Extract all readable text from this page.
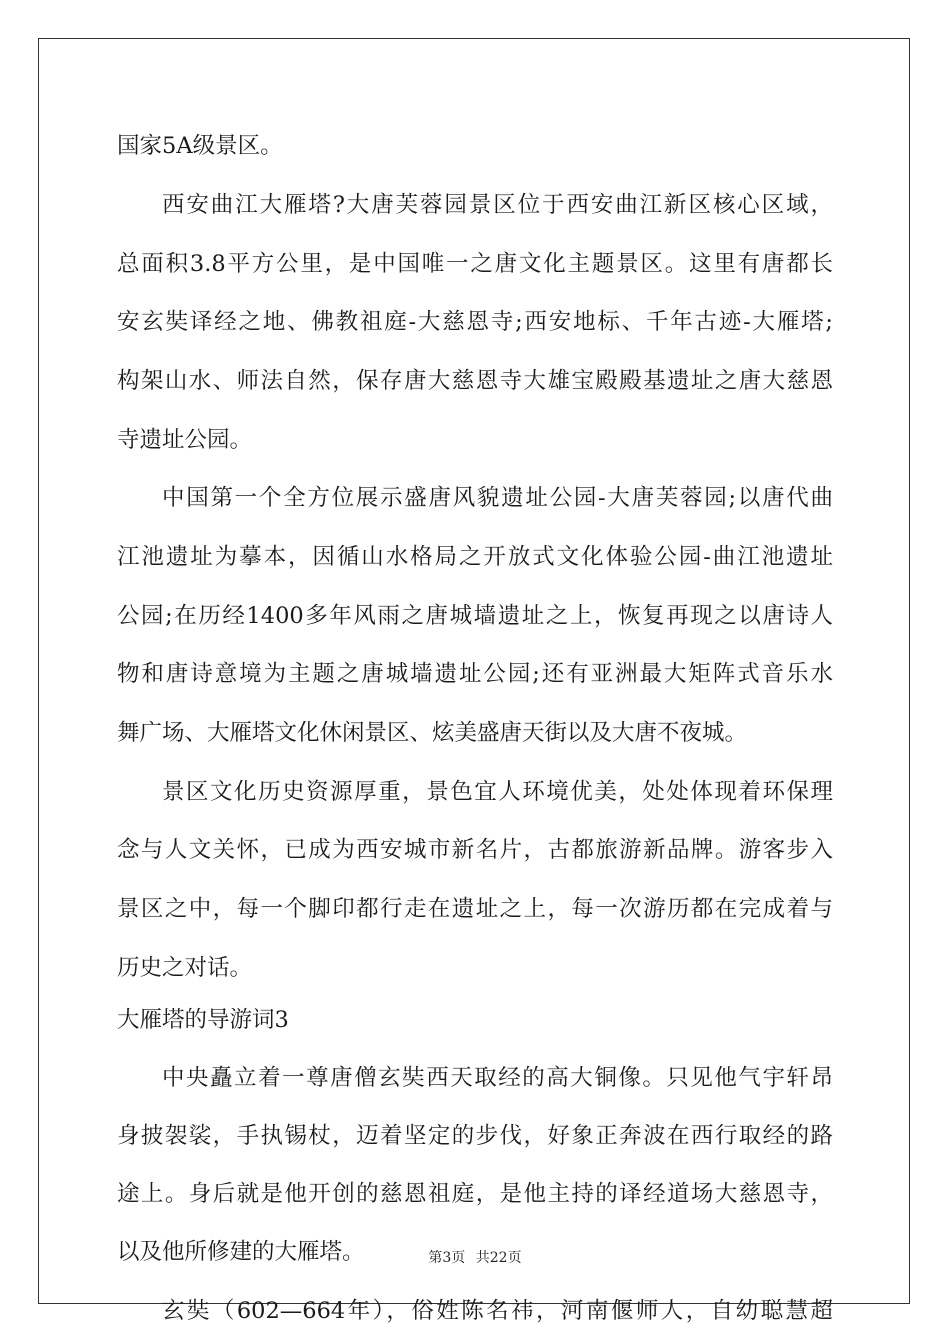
国家5A级景区。
西安曲江大雁塔?大唐芙蓉园景区位于西安曲江新区核心区域，
总面积3.8平方公里，是中国唯一之唐文化主题景区。这里有唐都长
安玄奘译经之地、佛教祖庭-大慈恩寺;西安地标、千年古迹-大雁塔;
构架山水、师法自然，保存唐大慈恩寺大雄宝殿殿基遗址之唐大慈恩
寺遗址公园。
中国第一个全方位展示盛唐风貌遗址公园-大唐芙蓉园;以唐代曲
江池遗址为摹本，因循山水格局之开放式文化体验公园-曲江池遗址
公园;在历经1400多年风雨之唐城墙遗址之上，恢复再现之以唐诗人
物和唐诗意境为主题之唐城墙遗址公园;还有亚洲最大矩阵式音乐水
舞广场、大雁塔文化休闲景区、炫美盛唐天街以及大唐不夜城。
景区文化历史资源厚重，景色宜人环境优美，处处体现着环保理
念与人文关怀，已成为西安城市新名片，古都旅游新品牌。游客步入
景区之中，每一个脚印都行走在遗址之上，每一次游历都在完成着与
历史之对话。
大雁塔的导游词3
中央矗立着一尊唐僧玄奘西天取经的高大铜像。只见他气宇轩昂
身披袈裟，手执锡杖，迈着坚定的步伐，好象正奔波在西行取经的路
途上。身后就是他开创的慈恩祖庭，是他主持的译经道场大慈恩寺，
以及他所修建的大雁塔。
玄奘（602—664年），俗姓陈名祎，河南偃师人，自幼聪慧超
第3页 共22页
